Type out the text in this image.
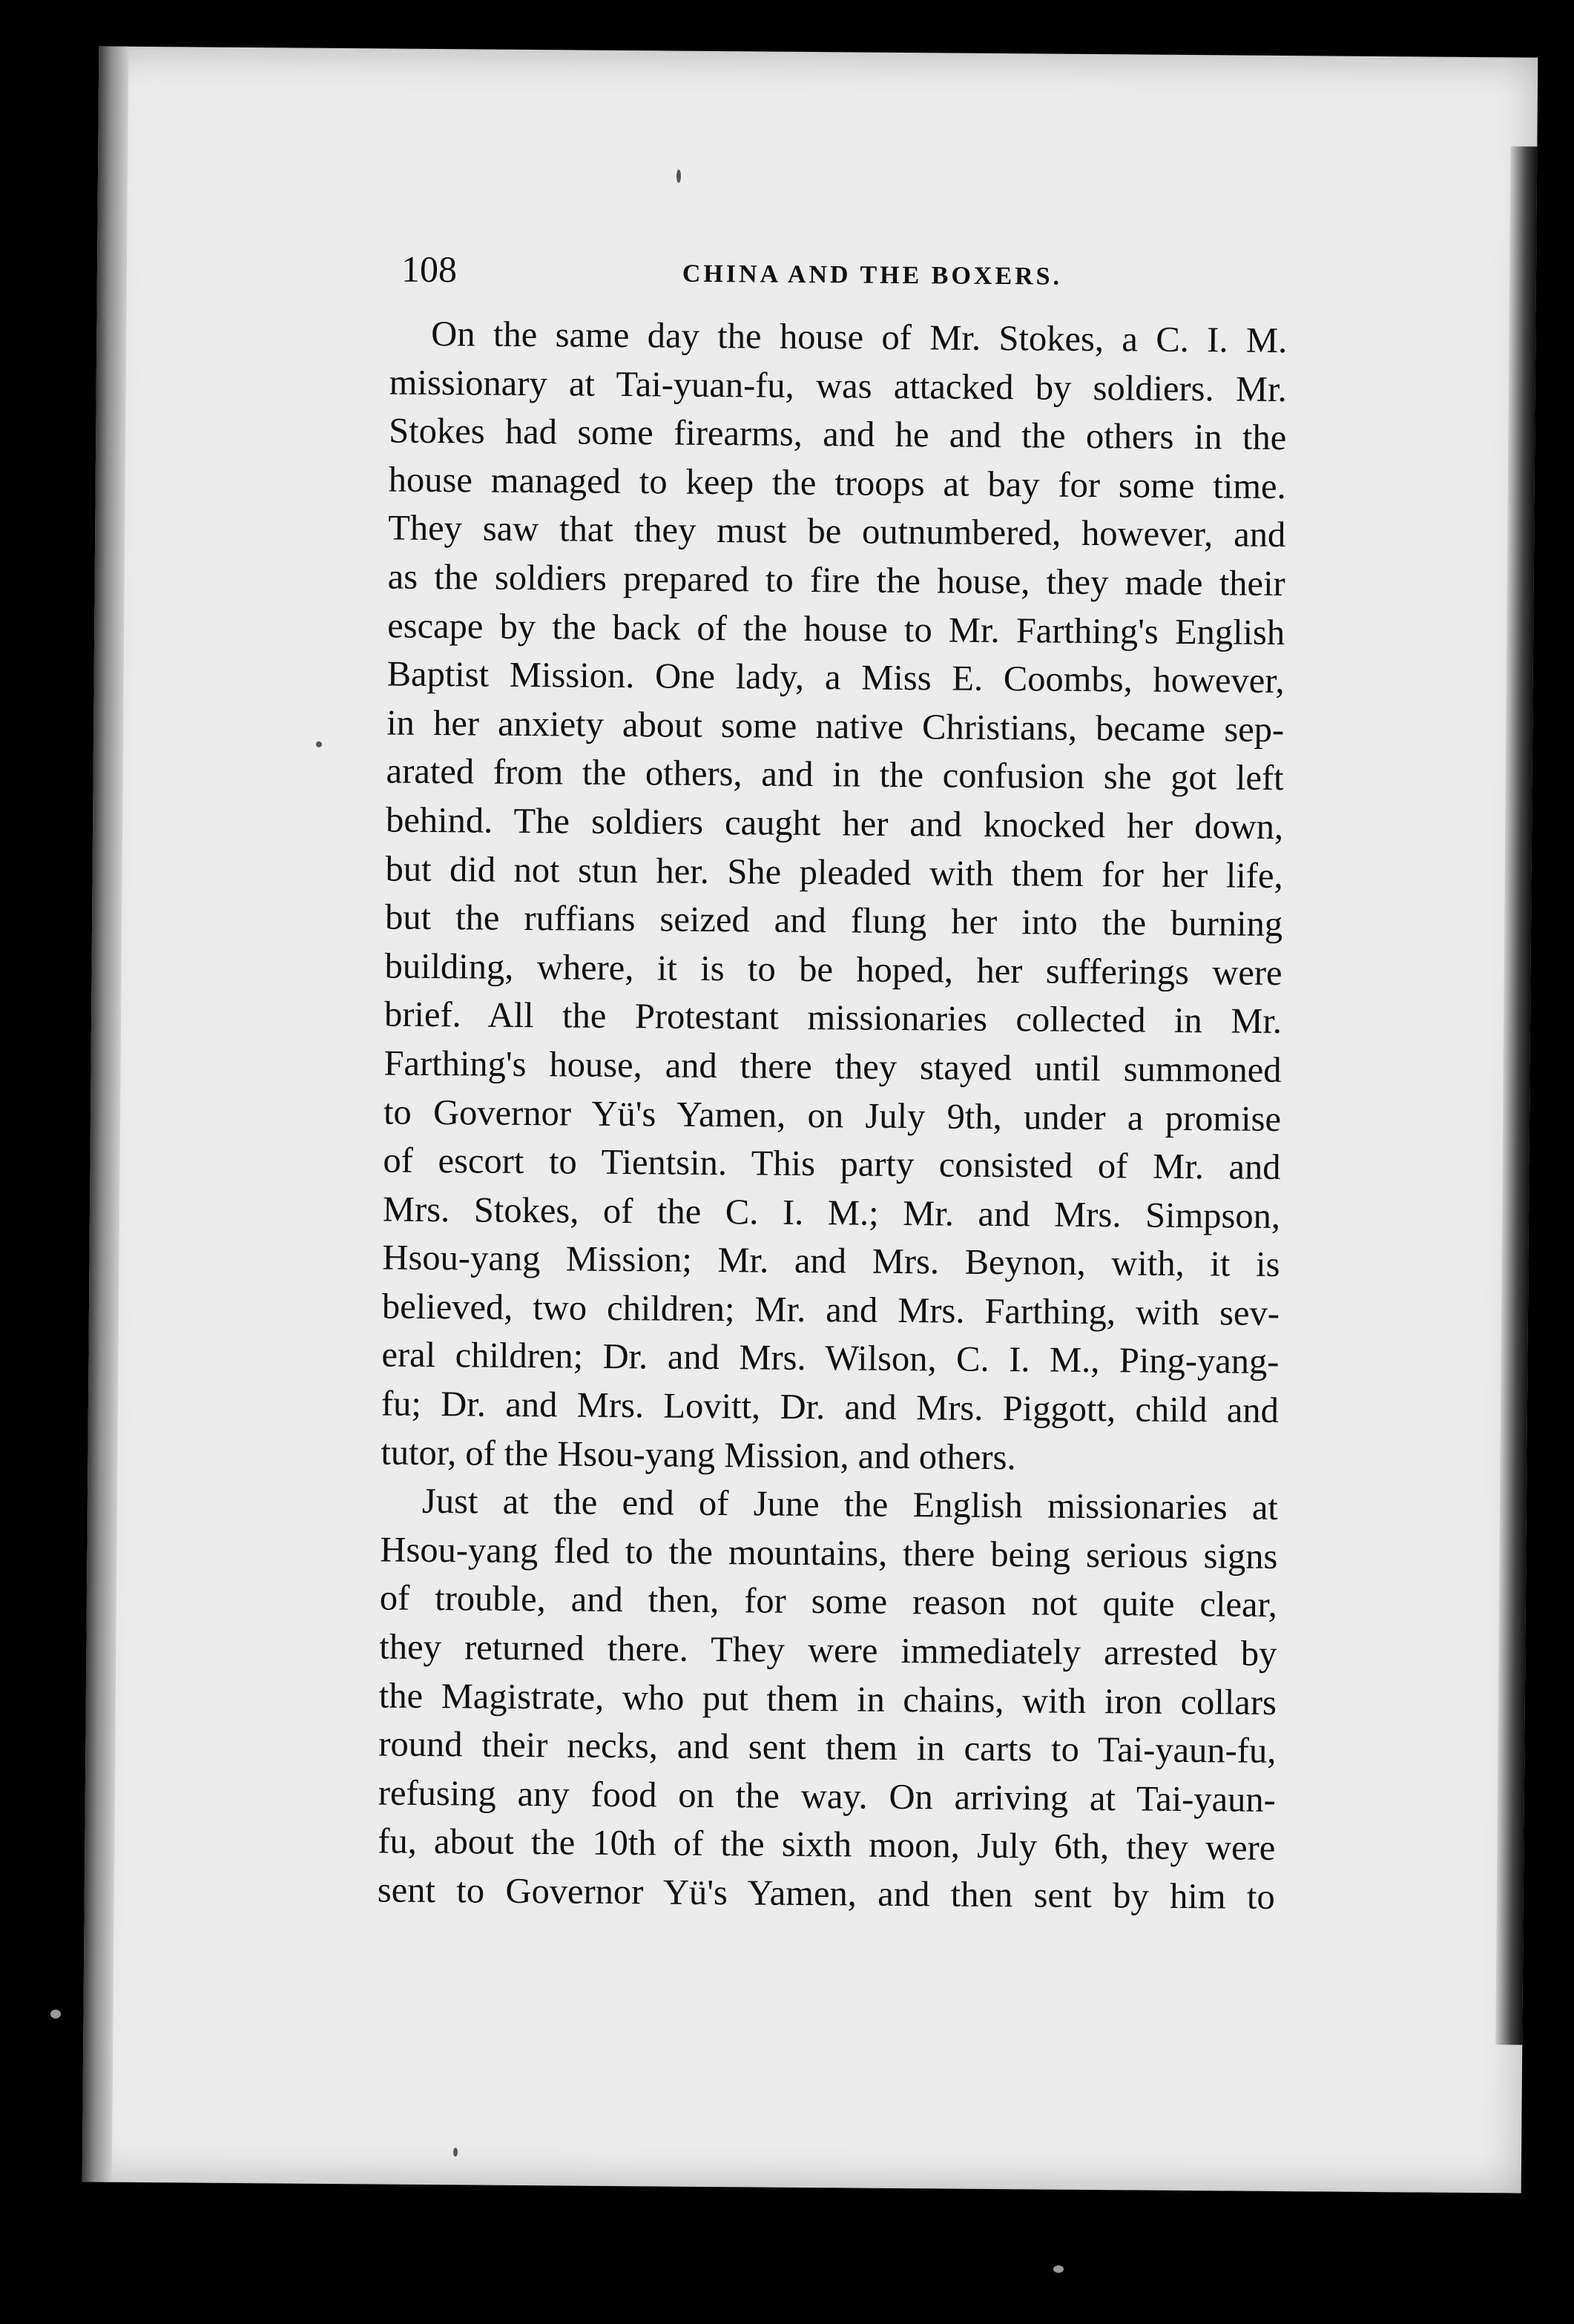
108	CHINA AND THE BOXERS.
On the same day the house of Mr. Stokes, a C. I. M.
missionary at Tai-yuan-fu, was attacked by soldiers. Mr.
Stokes had some firearms, and he and the others in the
house managed to keep the troops at bay for some time.
They saw that they must be outnumbered, however, and
as the soldiers prepared to fire the house, they made their
escape by the back of the house to Mr. Farthing's English
Baptist Mission. One lady, a Miss E. Coombs, however,
in her anxiety about some native Christians, became sep-
arated from the others, and in the confusion she got left
behind. The soldiers caught her and knocked her down,
but did not stun her. She pleaded with them for her life,
but the ruffians seized and flung her into the burning
building, where, it is to be hoped, her sufferings were
brief. All the Protestant missionaries collected in Mr.
Farthing's house, and there they stayed until summoned
to Governor Yü's Yamen, on July 9th, under a promise
of escort to Tientsin. This party consisted of Mr. and
Mrs. Stokes, of the C. I. M.; Mr. and Mrs. Simpson,
Hsou-yang Mission; Mr. and Mrs. Beynon, with, it is
believed, two children; Mr. and Mrs. Farthing, with sev-
eral children; Dr. and Mrs. Wilson, C. I. M., Ping-yang-
fu; Dr. and Mrs. Lovitt, Dr. and Mrs. Piggott, child and
tutor, of the Hsou-yang Mission, and others.
Just at the end of June the English missionaries at
Hsou-yang fled to the mountains, there being serious signs
of trouble, and then, for some reason not quite clear,
they returned there. They were immediately arrested by
the Magistrate, who put them in chains, with iron collars
round their necks, and sent them in carts to Tai-yaun-fu,
refusing any food on the way. On arriving at Tai-yaun-
fu, about the 10th of the sixth moon, July 6th, they were
sent to Governor Yü's Yamen, and then sent by him to
